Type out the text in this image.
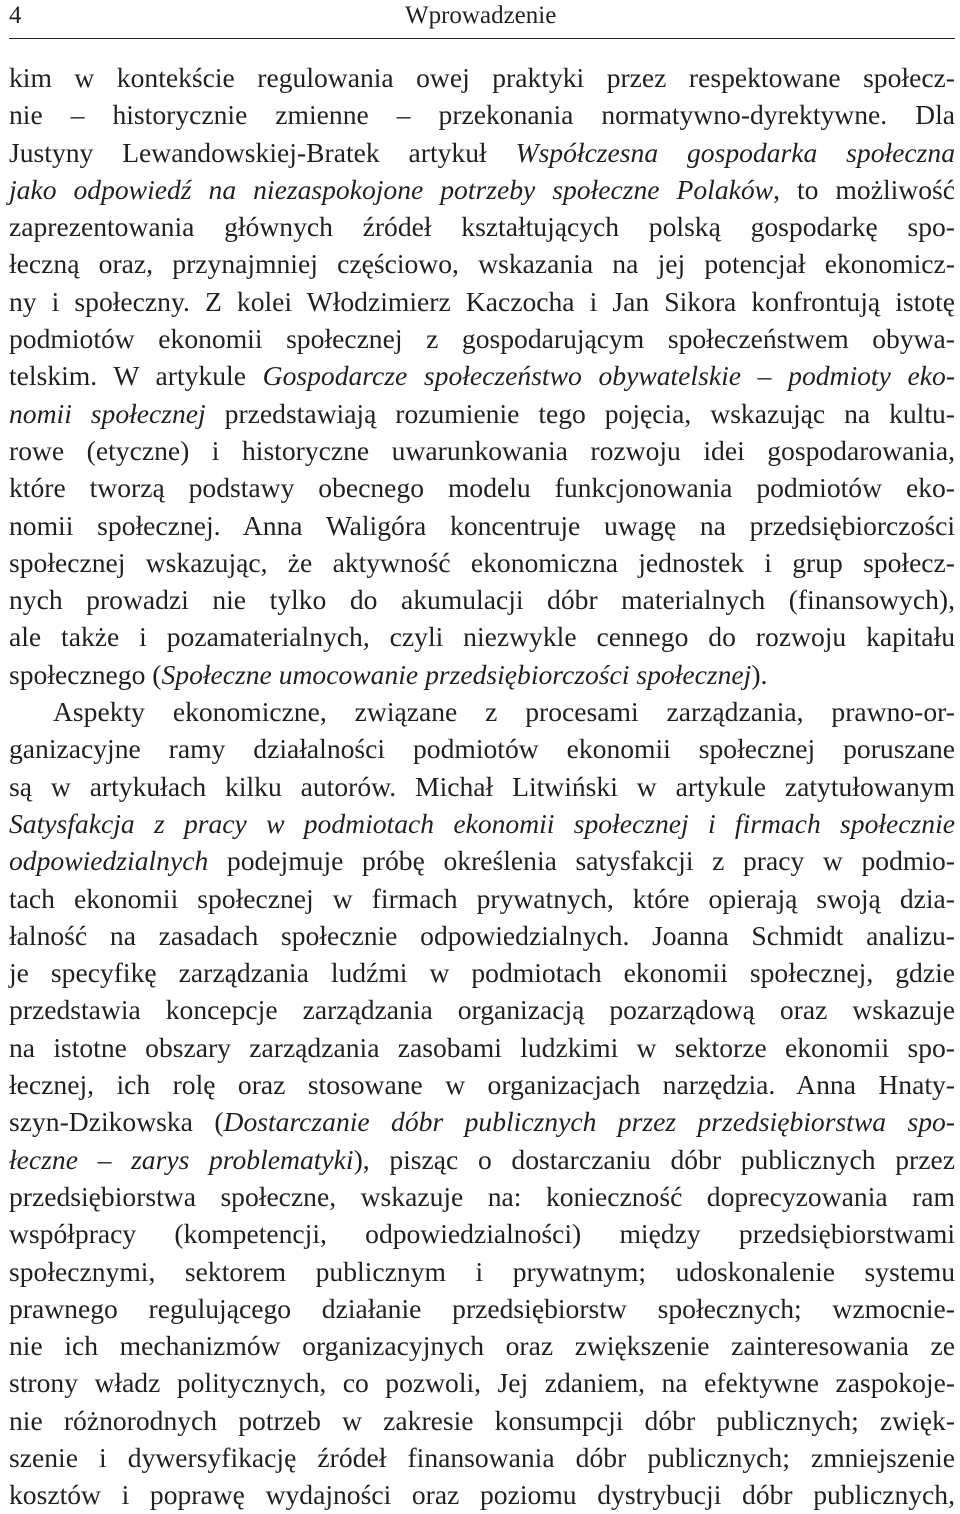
4	Wprowadzenie
kim w kontekście regulowania owej praktyki przez respektowane społecz-
nie – historycznie zmienne – przekonania normatywno-dyrektywne. Dla
Justyny Lewandowskiej-Bratek artykuł Współczesna gospodarka społeczna
jako odpowiedź na niezaspokojone potrzeby społeczne Polaków, to możliwość
zaprezentowania głównych źródeł kształtujących polską gospodarkę spo-
łeczną oraz, przynajmniej częściowo, wskazania na jej potencjał ekonomicz-
ny i społeczny. Z kolei Włodzimierz Kaczocha i Jan Sikora konfrontują istotę
podmiotów ekonomii społecznej z gospodarującym społeczeństwem obywa-
telskim. W artykule Gospodarcze społeczeństwo obywatelskie – podmioty eko-
nomii społecznej przedstawiają rozumienie tego pojęcia, wskazując na kultu-
rowe (etyczne) i historyczne uwarunkowania rozwoju idei gospodarowania,
które tworzą podstawy obecnego modelu funkcjonowania podmiotów eko-
nomii społecznej. Anna Waligóra koncentruje uwagę na przedsiębiorczości
społecznej wskazując, że aktywność ekonomiczna jednostek i grup społecz-
nych prowadzi nie tylko do akumulacji dóbr materialnych (finansowych),
ale także i pozamaterialnych, czyli niezwykle cennego do rozwoju kapitału
społecznego (Społeczne umocowanie przedsiębiorczości społecznej).
Aspekty ekonomiczne, związane z procesami zarządzania, prawno-or-
ganizacyjne ramy działalności podmiotów ekonomii społecznej poruszane
są w artykułach kilku autorów. Michał Litwiński w artykule zatytułowanym
Satysfakcja z pracy w podmiotach ekonomii społecznej i firmach społecznie
odpowiedzialnych podejmuje próbę określenia satysfakcji z pracy w podmio-
tach ekonomii społecznej w firmach prywatnych, które opierają swoją dzia-
łalność na zasadach społecznie odpowiedzialnych. Joanna Schmidt analizu-
je specyfikę zarządzania ludźmi w podmiotach ekonomii społecznej, gdzie
przedstawia koncepcje zarządzania organizacją pozarządową oraz wskazuje
na istotne obszary zarządzania zasobami ludzkimi w sektorze ekonomii spo-
łecznej, ich rolę oraz stosowane w organizacjach narzędzia. Anna Hnaty-
szyn-Dzikowska (Dostarczanie dóbr publicznych przez przedsiębiorstwa spo-
łeczne – zarys problematyki), pisząc o dostarczaniu dóbr publicznych przez
przedsiębiorstwa społeczne, wskazuje na: konieczność doprecyzowania ram
współpracy (kompetencji, odpowiedzialności) między przedsiębiorstwami
społecznymi, sektorem publicznym i prywatnym; udoskonalenie systemu
prawnego regulującego działanie przedsiębiorstw społecznych; wzmocnie-
nie ich mechanizmów organizacyjnych oraz zwiększenie zainteresowania ze
strony władz politycznych, co pozwoli, Jej zdaniem, na efektywne zaspokoje-
nie różnorodnych potrzeb w zakresie konsumpcji dóbr publicznych; zwięk-
szenie i dywersyfikację źródeł finansowania dóbr publicznych; zmniejszenie
kosztów i poprawę wydajności oraz poziomu dystrybucji dóbr publicznych,
